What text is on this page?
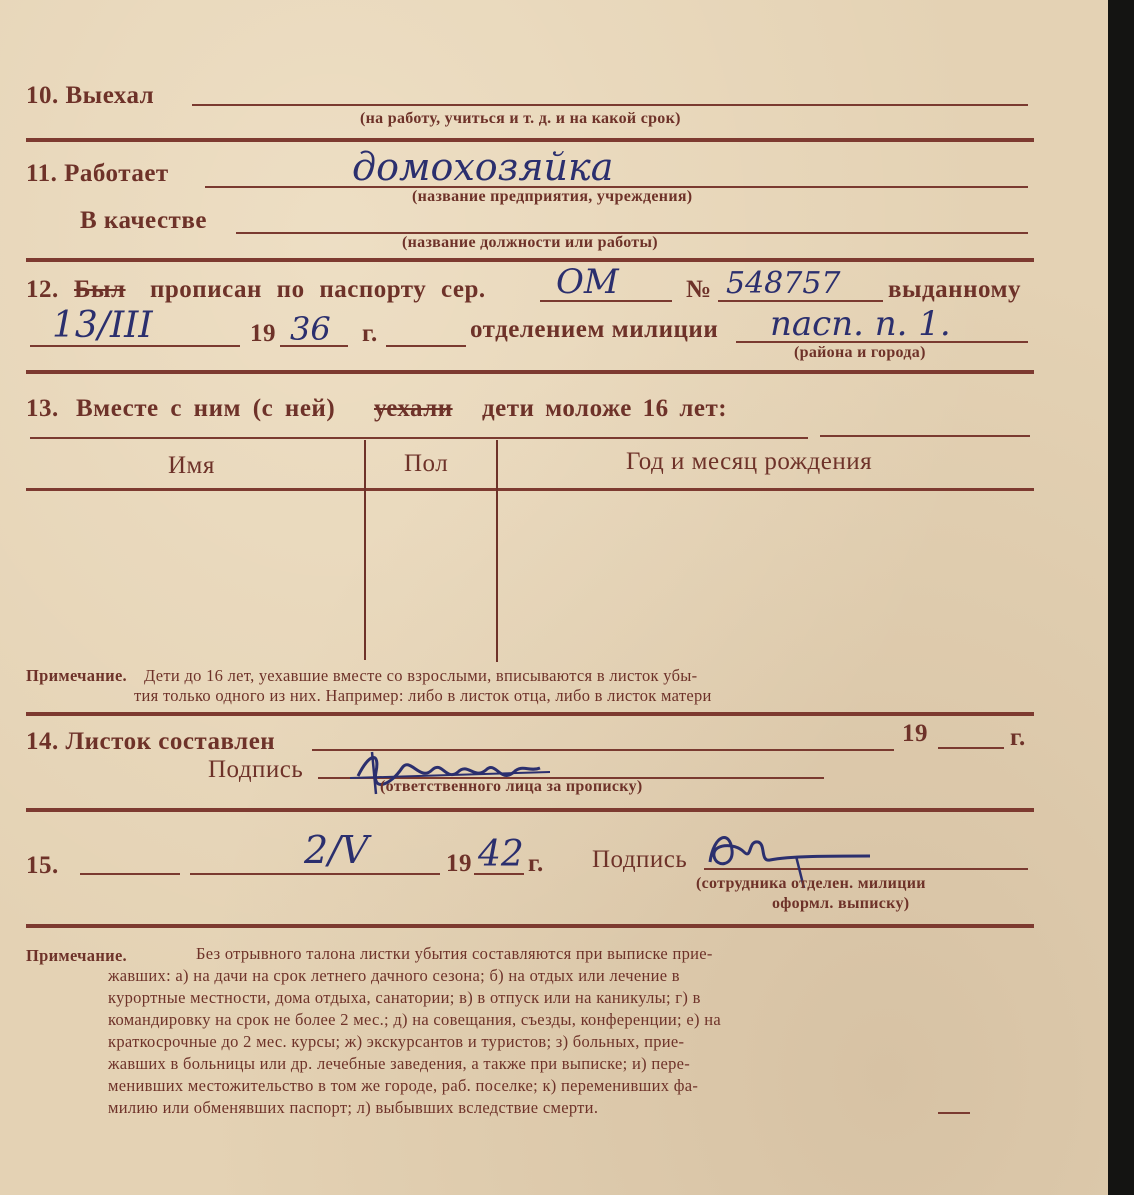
10. Выехал
(на работу, учиться и т. д. и на какой срок)
11. Работает	домохозяйка
(название предприятия, учреждения)
В качестве
(название должности или работы)
12. Был прописан по паспорту сер. ОМ	№ 548757 выданному
13/III	19 36 г.	отделением милиции пасп. п. 1.
(района и города)
13. Вместе с ним (с ней) уехали дети моложе 16 лет:
Имя	Пол	Год и месяц рождения
Примечание. Дети до 16 лет, уехавшие вместе со взрослыми, вписываются в листок убы-
тия только одного из них. Например: либо в листок отца, либо в листок матери
14. Листок составлен	19	г.
Подпись
(ответственного лица за прописку)
15.	2/V	19 42 г. Подпись
(сотрудника отделен. милиции
оформл. выписку)
Примечание.	Без отрывного талона листки убытия составляются при выписке прие-
жавших: а) на дачи на срок летнего дачного сезона; б) на отдых или лечение в
курортные местности, дома отдыха, санатории; в) в отпуск или на каникулы; г) в
командировку на срок не более 2 мес.; д) на совещания, съезды, конференции; е) на
краткосрочные до 2 мес. курсы; ж) экскурсантов и туристов; з) больных, прие-
жавших в больницы или др. лечебные заведения, а также при выписке; и) пере-
менивших местожительство в том же городе, раб. поселке; к) переменивших фа-
милию или обменявших паспорт; л) выбывших вследствие смерти.
